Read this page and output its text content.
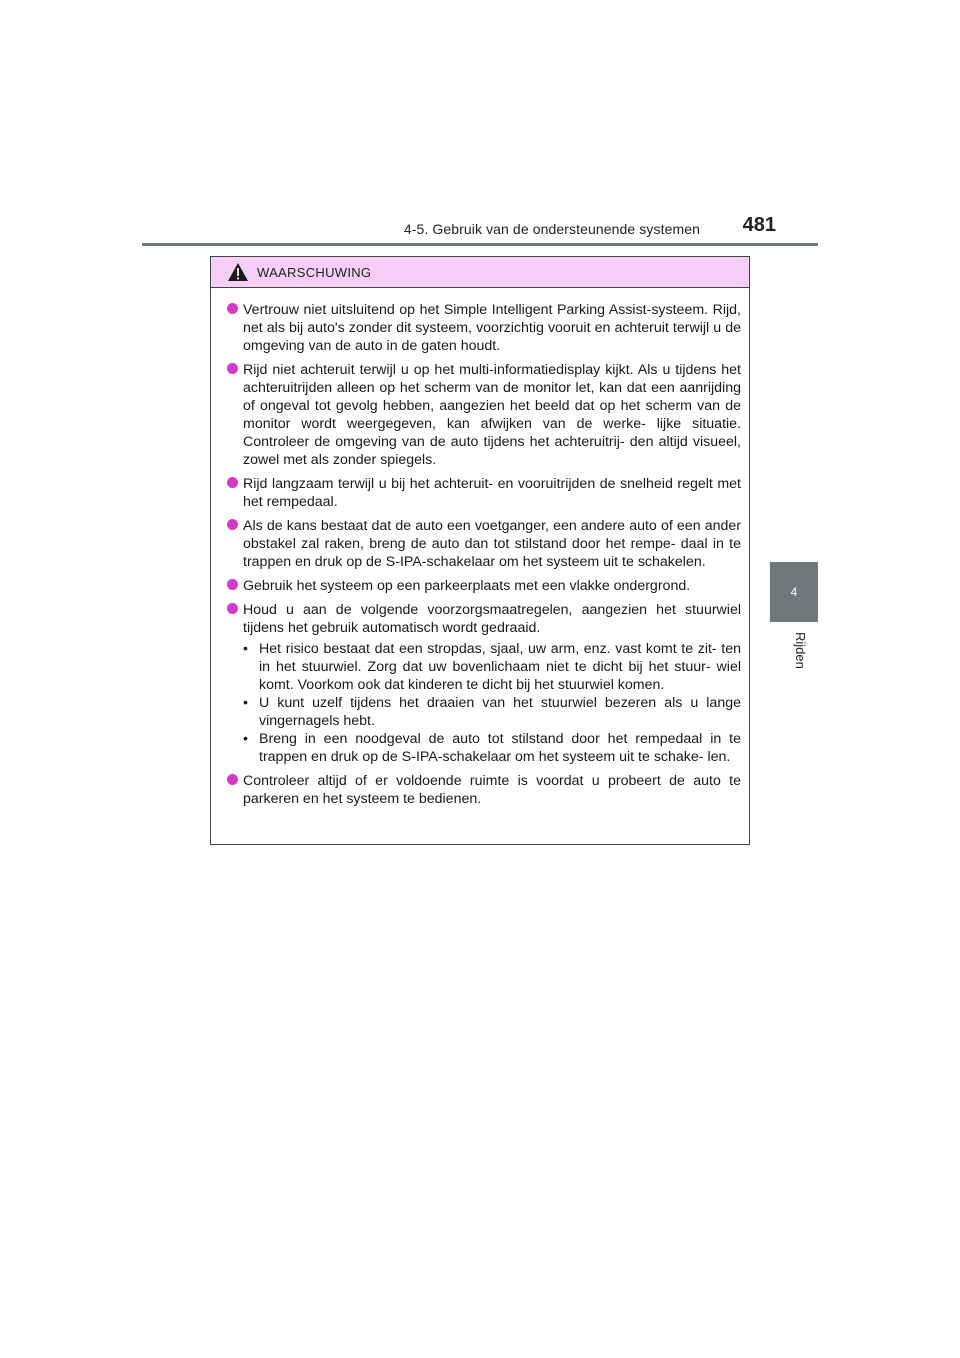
4-5. Gebruik van de ondersteunende systemen	481
4
Rijden
WAARSCHUWING
Vertrouw niet uitsluitend op het Simple Intelligent Parking Assist-systeem. Rijd, net als bij auto's zonder dit systeem, voorzichtig vooruit en achteruit terwijl u de omgeving van de auto in de gaten houdt.
Rijd niet achteruit terwijl u op het multi-informatiedisplay kijkt. Als u tijdens het achteruitrijden alleen op het scherm van de monitor let, kan dat een aanrijding of ongeval tot gevolg hebben, aangezien het beeld dat op het scherm van de monitor wordt weergegeven, kan afwijken van de werke- lijke situatie. Controleer de omgeving van de auto tijdens het achteruitrij- den altijd visueel, zowel met als zonder spiegels.
Rijd langzaam terwijl u bij het achteruit- en vooruitrijden de snelheid regelt met het rempedaal.
Als de kans bestaat dat de auto een voetganger, een andere auto of een ander obstakel zal raken, breng de auto dan tot stilstand door het rempe- daal in te trappen en druk op de S-IPA-schakelaar om het systeem uit te schakelen.
Gebruik het systeem op een parkeerplaats met een vlakke ondergrond.
Houd u aan de volgende voorzorgsmaatregelen, aangezien het stuurwiel tijdens het gebruik automatisch wordt gedraaid.
• Het risico bestaat dat een stropdas, sjaal, uw arm, enz. vast komt te zit- ten in het stuurwiel. Zorg dat uw bovenlichaam niet te dicht bij het stuur- wiel komt. Voorkom ook dat kinderen te dicht bij het stuurwiel komen.
• U kunt uzelf tijdens het draaien van het stuurwiel bezeren als u lange vingernagels hebt.
• Breng in een noodgeval de auto tot stilstand door het rempedaal in te trappen en druk op de S-IPA-schakelaar om het systeem uit te schake- len.
Controleer altijd of er voldoende ruimte is voordat u probeert de auto te parkeren en het systeem te bedienen.
